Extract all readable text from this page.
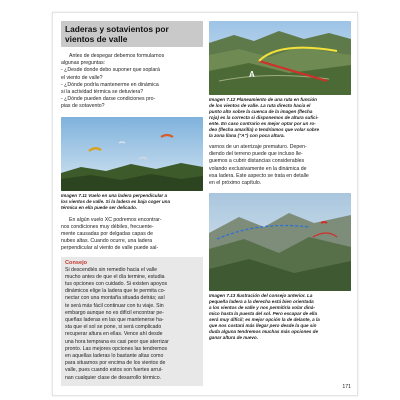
Laderas y sotavientos por
vientos de valle

Antes de despegar debemos formularnos

algunas preguntas:

- ¿Desde donde debo suponer que soplará

el viento de valle?

- ¿Dónde podría mantenerme en dinámica

si la actividad térmica se detuviera?

- ¿Dónde pueden darse condiciones pro-

pias de sotavento?

Imagen 7.11 Vuelo en una ladera perpendicular a

los vientos de valle. Si la ladera es baja coger una

térmica en ella puede ser delicado.

En algún vuelo XC podremos encontrar-

nos condiciones muy débiles, frecuente-

mente causadas por delgadas capas de

nubes altas. Cuando ocurre, una ladera

perpendicular al viento de valle puede sal-

Consejo

Si descendiés sin remedio hacia el valle

mucho antes de que el día termine, estudia

tus opciones con cuidado. Si existen apoyos

dinámicos elige la ladera que te permita co-

nectar con una montaña situada detrás; así

te será más fácil continuar con tu viaje. Sin

embargo aunque no es difícil encontrar pe-

queñas laderas en las que mantenerse ha-

sta que el sol se pone, si será complicado

recuperar altura en ellas. Vence ahí desde

una hora temprana es casi peor que aterrizar

pronto. Las mejores opciones las tendremos

en aquellas laderas lo bastante altas como

para situarnos por encima de los vientos de

valle, pues cuando estos son fuertes arrui-

nan cualquier clase de desarrollo térmico.

A

Imagen 7.12 Planeamiento de una ruta en función

de los vientos de valle. La ruta directo hacia el

punto alto sobre la cuenca de la imagen (flecha

roja) es la correcta si disponemos de altura sufici-

ente. En caso contrario es mejor optar por un ro-

deo (flecha amarilla) o tendríamos que volar sobre

la zona llana ("A") con poca altura.

varnos de un aterrizaje prematuro. Depen-

diendo del terreno puede que incluso lle-

guemos a cubrir distancias considerables

volando exclusivamente en la dinámica de

esa ladera. Este aspecto se trata en detalle

en el próximo capítulo.

Imagen 7.13 Ilustración del consejo anterior. La

pequeña ladera a la derecha está bien orientada

a los vientos de valle y nos permitiría volar diná-

mico hasta la puesta del sol. Pero escapar de ella

será muy difícil; es mejor opción la de delante, a la

que nos costará más llegar pero desde la que sin

duda alguna tendremos muchas más opciones de

ganar altura de nuevo.

171
